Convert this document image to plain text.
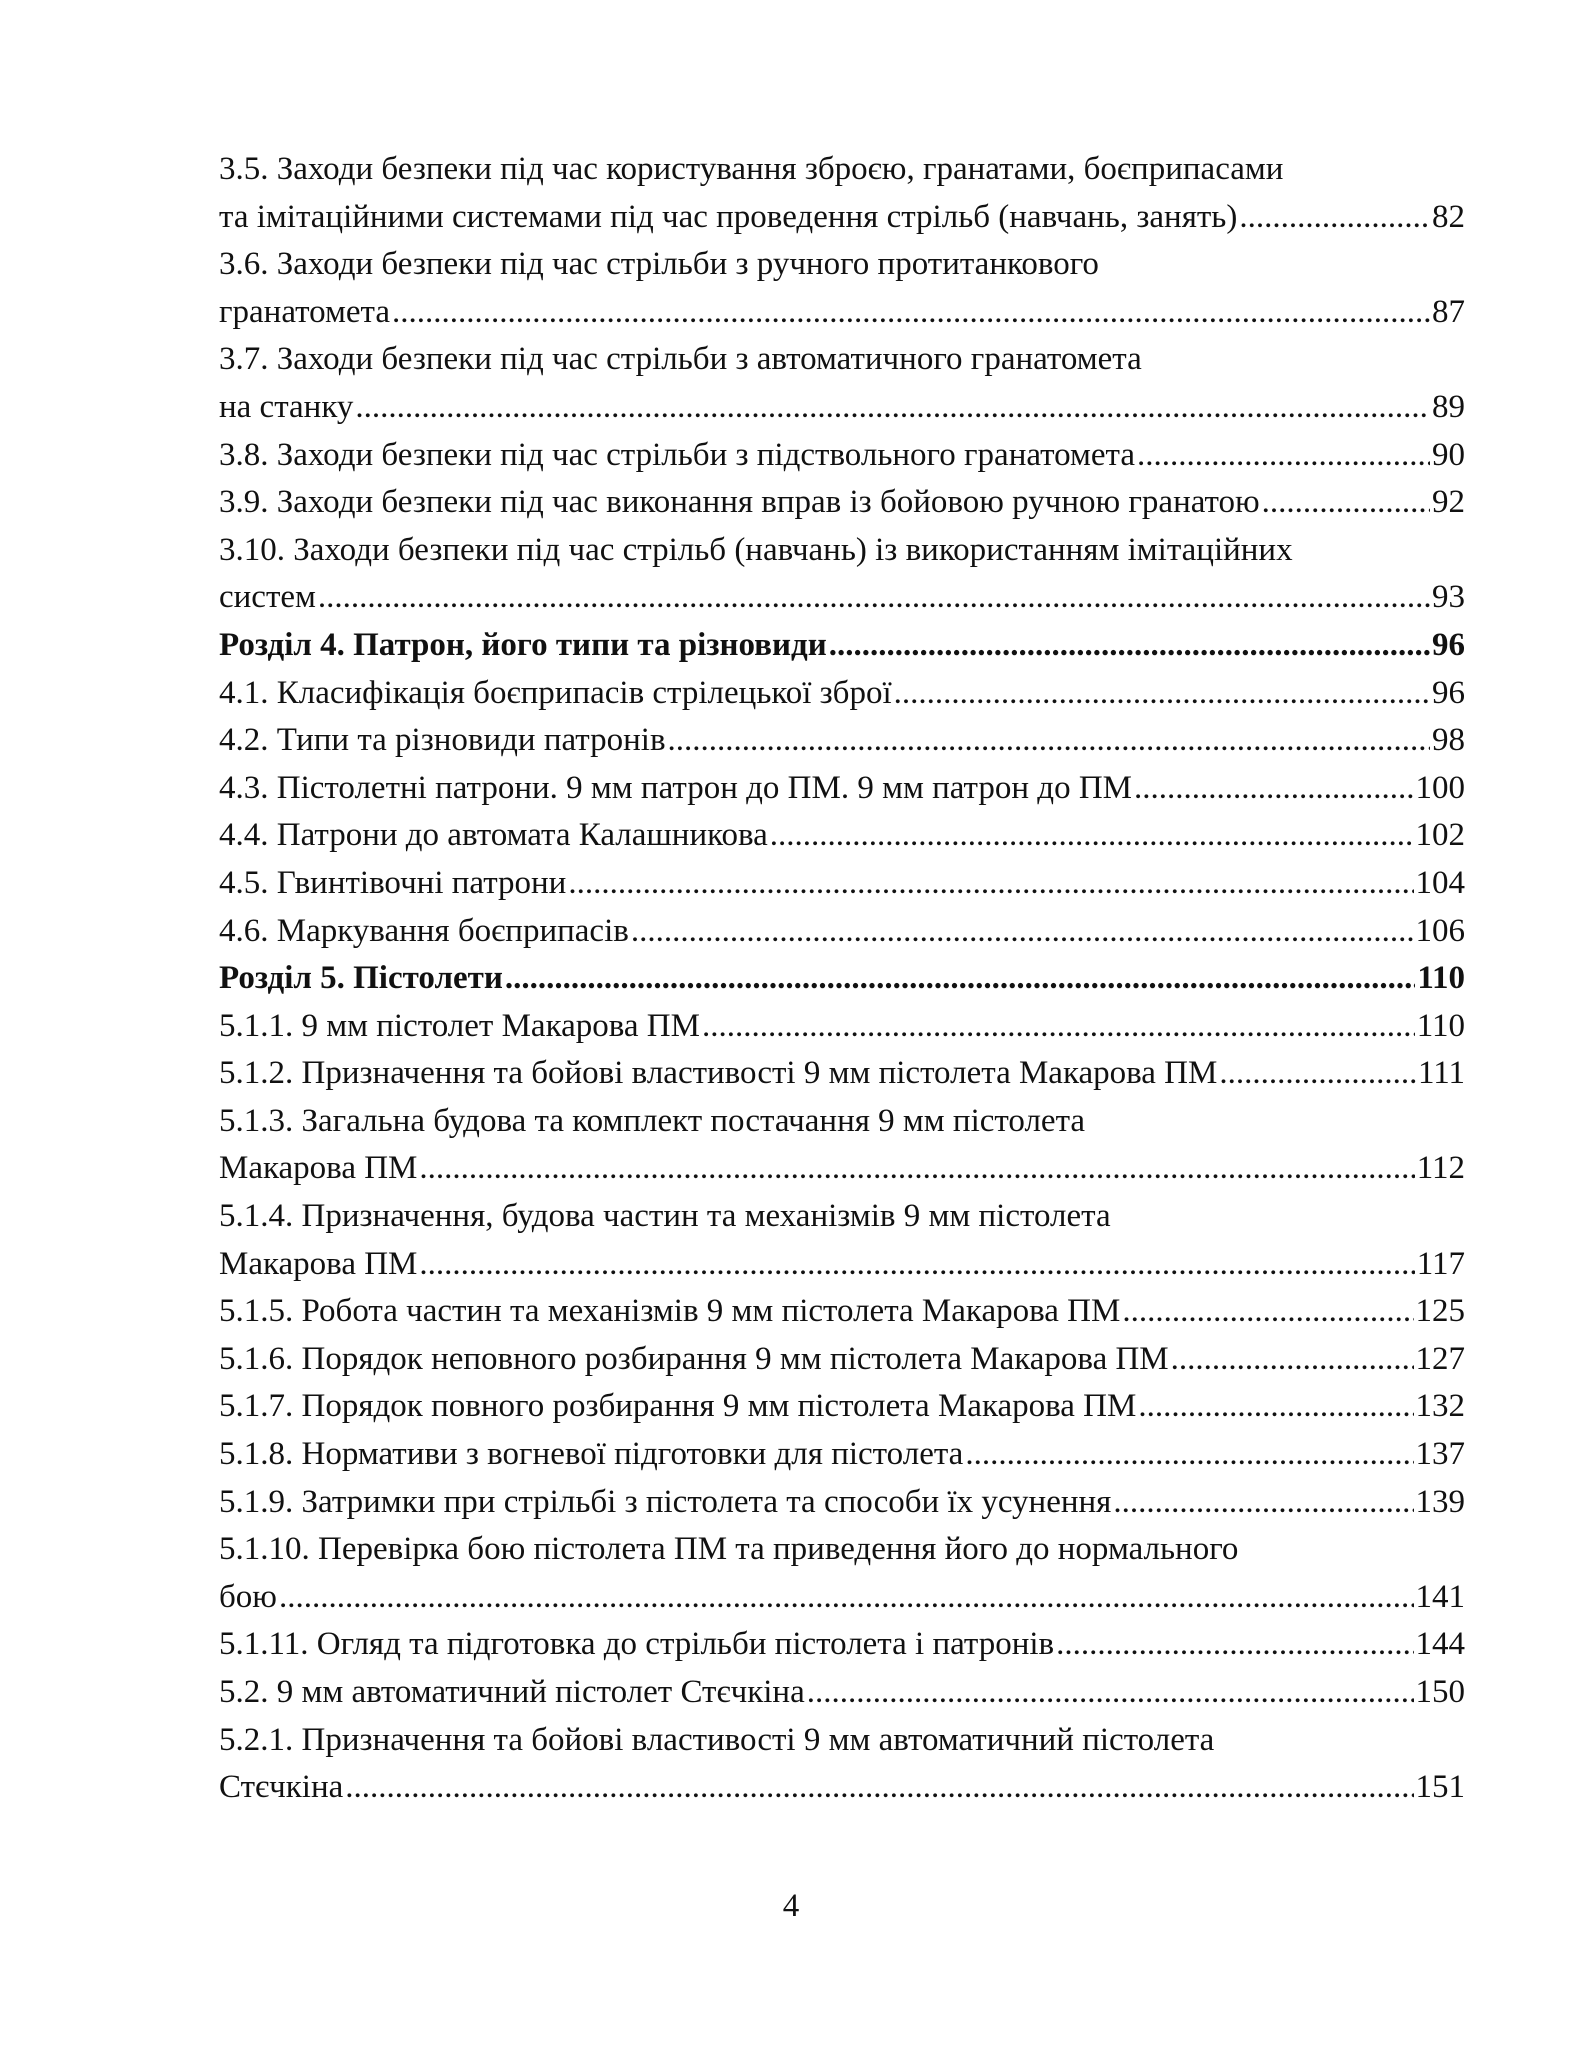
3.5. Заходи безпеки під час користування зброєю, гранатами, боєприпасами
та імітаційними системами під час проведення стрільб (навчань, занять) .....	82
3.6. Заходи безпеки під час стрільби з ручного протитанкового
гранатомета .....	87
3.7. Заходи безпеки під час стрільби з автоматичного гранатомета
на станку .....	89
3.8. Заходи безпеки під час стрільби з підствольного гранатомета .....	90
3.9. Заходи безпеки під час виконання вправ із бойовою ручною гранатою .....	92
3.10. Заходи безпеки під час стрільб (навчань) із використанням імітаційних
систем .....	93
Розділ 4. Патрон, його типи та різновиди .....	96
4.1. Класифікація боєприпасів стрілецької зброї .....	96
4.2. Типи та різновиди патронів .....	98
4.3. Пістолетні патрони. 9 мм патрон до ПМ. 9 мм патрон до ПМ .....	100
4.4. Патрони до автомата Калашникова .....	102
4.5. Гвинтівочні патрони .....	104
4.6. Маркування боєприпасів .....	106
Розділ 5. Пістолети .....	110
5.1.1. 9 мм пістолет Макарова ПМ .....	110
5.1.2. Призначення та бойові властивості 9 мм пістолета Макарова ПМ .....	111
5.1.3. Загальна будова та комплект постачання 9 мм пістолета
Макарова ПМ .....	112
5.1.4. Призначення, будова частин та механізмів 9 мм пістолета
Макарова ПМ .....	117
5.1.5. Робота частин та механізмів 9 мм пістолета Макарова ПМ .....	125
5.1.6. Порядок неповного розбирання 9 мм пістолета Макарова ПМ .....	127
5.1.7. Порядок повного розбирання 9 мм пістолета Макарова ПМ .....	132
5.1.8. Нормативи з вогневої підготовки для пістолета .....	137
5.1.9. Затримки при стрільбі з пістолета та способи їх усунення .....	139
5.1.10. Перевірка бою пістолета ПМ та приведення його до нормального
бою .....	141
5.1.11. Огляд та підготовка до стрільби пістолета і патронів .....	144
5.2. 9 мм автоматичний пістолет Стєчкіна .....	150
5.2.1. Призначення та бойові властивості 9 мм автоматичний пістолета
Стєчкіна .....	151
4
